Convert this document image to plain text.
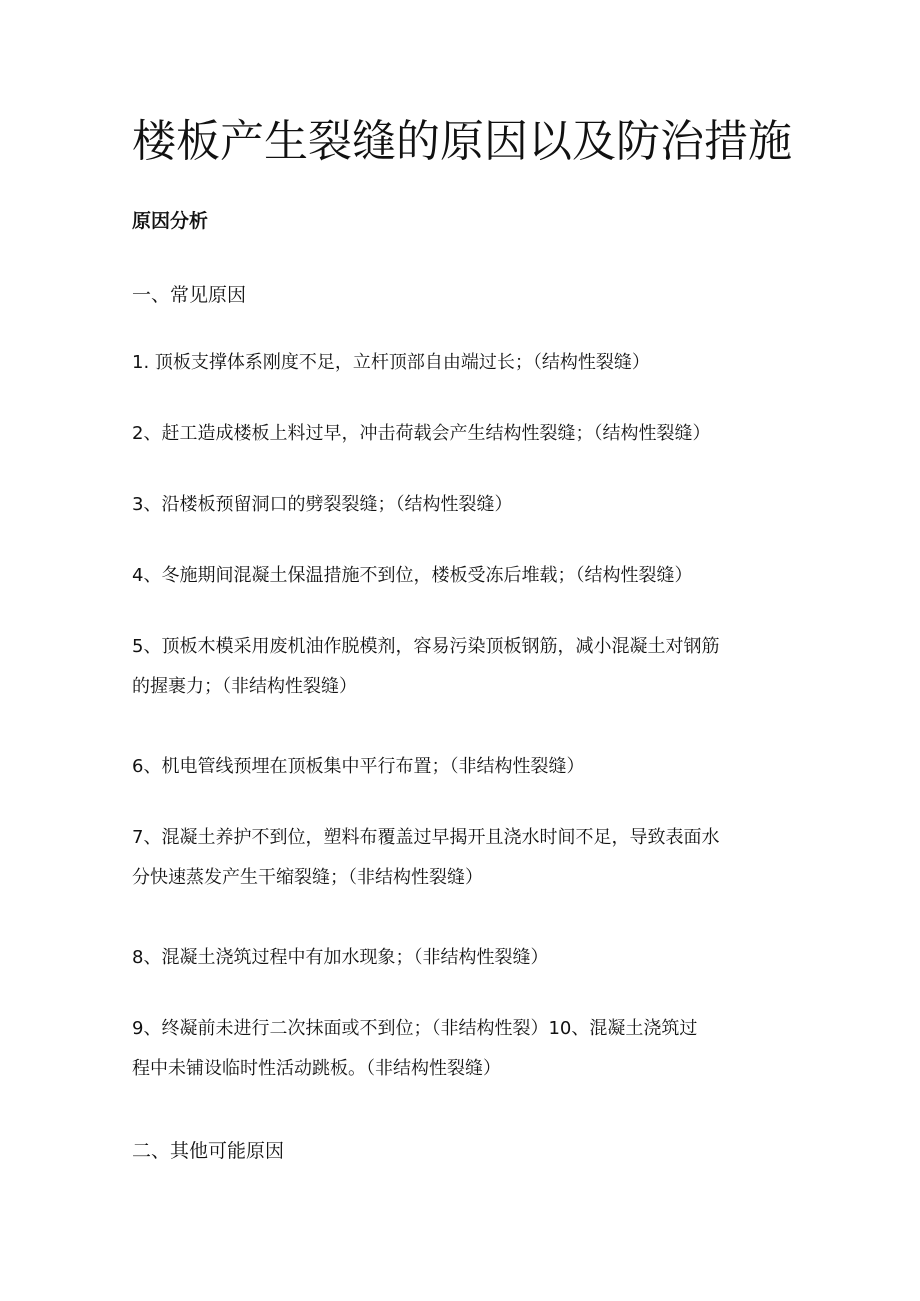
楼板产生裂缝的原因以及防治措施
原因分析
一、常见原因

1. 顶板支撑体系刚度不足，立杆顶部自由端过长；（结构性裂缝）

2、赶工造成楼板上料过早，冲击荷载会产生结构性裂缝；（结构性裂缝）

3、沿楼板预留洞口的劈裂裂缝；（结构性裂缝）

4、冬施期间混凝土保温措施不到位，楼板受冻后堆载；（结构性裂缝）

5、顶板木模采用废机油作脱模剂，容易污染顶板钢筋，减小混凝土对钢筋
的握裹力；（非结构性裂缝）

6、机电管线预埋在顶板集中平行布置；（非结构性裂缝）

7、混凝土养护不到位，塑料布覆盖过早揭开且浇水时间不足，导致表面水
分快速蒸发产生干缩裂缝；（非结构性裂缝）

8、混凝土浇筑过程中有加水现象；（非结构性裂缝）

9、终凝前未进行二次抹面或不到位；（非结构性裂）10、混凝土浇筑过
程中未铺设临时性活动跳板。（非结构性裂缝）

二、其他可能原因
